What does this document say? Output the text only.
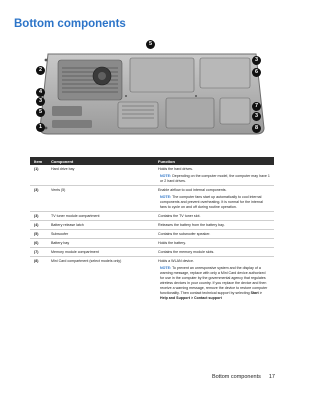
Bottom components
5
2
4
3
5
1
3
6
7
3
8
Item Component	Function
(1)	Hard drive bay	Holds the hard drives.
NOTE: Depending on the computer model, the computer may have 1 or 2 hard drives.
(3)	Vents (5)	Enable airflow to cool internal components.
NOTE: The computer fans start up automatically to cool internal components and prevent overheating. It is normal for the internal fans to cycle on and off during routine operation.
(3)	TV tuner module compartment	Contains the TV tuner slot.
(4)	Battery release latch	Releases the battery from the battery bay.
(5)	Subwoofer	Contains the subwoofer speaker.
(6)	Battery bay	Holds the battery.
(7)	Memory module compartment	Contains the memory module slots.
(8)	Mini Card compartment (select models only)	Holds a WLAN device.
NOTE: To prevent an unresponsive system and the display of a warning message, replace with only a Mini Card device authorized for use in the computer by the governmental agency that regulates wireless devices in your country. If you replace the device and then receive a warning message, remove the device to restore computer functionality. Then contact technical support by selecting Start > Help and Support > Contact support
Bottom components 17
